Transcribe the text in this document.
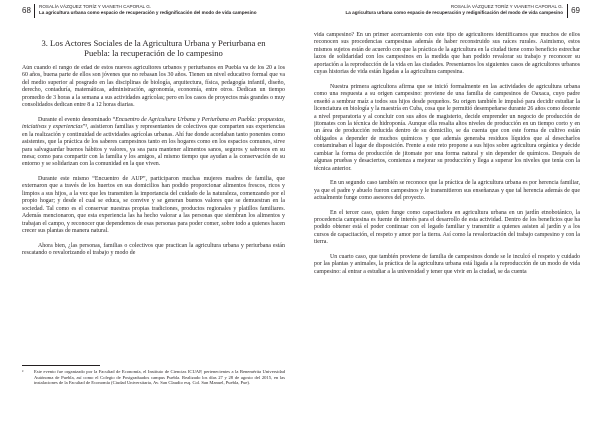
68 ROSALÍA VÁZQUEZ TORÍZ Y VIANETH CAPORAL G.
La agricultura urbana como espacio de recuperación y redignificación del modo de vida campesino
3. Los Actores Sociales de la Agricultura Urbana y Periurbana en
Puebla: la recuperación de lo campesino

Aún cuando el rango de edad de estos nuevos agricultores urbanos y periurbanos en Puebla va de los 20 a los 60 años, buena parte de ellos son jóvenes que no rebasan los 30 años. Tienen un nivel educativo formal que va del medio superior al posgrado en las disciplinas de biología, arquitectura, física, pedagogía infantil, diseño, derecho, contaduría, matemáticas, administración, agronomía, economía, entre otros. Dedican un tiempo promedio de 3 horas a la semana a sus actividades agrícolas; pero en los casos de proyectos más grandes o muy consolidados dedican entre 8 a 12 horas diarias.

Durante el evento denominado “Encuentro de Agricultura Urbana y Periurbana en Puebla: propuestas, iniciativas y experiencias”³, asistieron familias y representantes de colectivos que comparten sus experiencias en la realización y continuidad de actividades agrícolas urbanas. Ahí fue donde acordaban tanto ponentes como asistentes, que la práctica de los saberes campesinos tanto en los hogares como en los espacios comunes, sirve para salvaguardar buenos hábitos y valores, ya sea para mantener alimentos sanos, seguros y sabrosos en su mesa; como para compartir con la familia y los amigos, al mismo tiempo que ayudan a la conservación de su entorno y se solidarizan con la comunidad en la que viven.

Durante este mismo “Encuentro de AUP”, participaron muchas mujeres madres de familia, que externaron que a través de los huertos en sus domicilios han podido proporcionar alimentos frescos, ricos y limpios a sus hijos, a la vez que les transmiten la importancia del cuidado de la naturaleza, comenzando por el propio hogar; y desde el cual se educa, se convive y se generan buenos valores que se demuestran en la sociedad. Tal como es el conservar nuestras propias tradiciones, productos regionales y platillos familiares. Además mencionaron, que esta experiencia las ha hecho valorar a las personas que siembran los alimentos y trabajan el campo, y reconocer que dependemos de esas personas para poder comer, sobre todo a quienes hacen crecer sus plantas de manera natural.

Ahora bien, ¿las personas, familias o colectivos que practican la agricultura urbana y periurbana están rescatando o revalorizando el trabajo y modo de

³	Este evento fue organizado por la Facultad de Economía, el Instituto de Ciencias ICUAP, pertenecientes a la Benemérita Universidad Autónoma de Puebla, así como el Colegio de Postgraduados campus Puebla. Realizado los días 27 y 28 de agosto del 2015, en las instalaciones de la Facultad de Economía (Ciudad Universitaria, Av. San Claudio esq. Col. San Manuel, Puebla, Pue).
ROSALÍA VÁZQUEZ TORÍZ Y VIANETH CAPORAL G.
La agricultura urbana como espacio de recuperación y redignificación del modo de vida campesino 69

vida campesino? En un primer acercamiento con este tipo de agricultores identificamos que muchos de ellos reconocen sus procedencias campesinas además de haber reconstruido sus raíces rurales. Asimismo, estos mismos sujetos están de acuerdo con que la práctica de la agricultura en la ciudad tiene como beneficio estrechar lazos de solidaridad con los campesinos en la medida que han podido revalorar su trabajo y reconocer su aportación a la reproducción de la vida en las ciudades. Presentamos los siguientes casos de agricultores urbanos cuyas historias de vida están ligadas a la agricultura campesina.

Nuestra primera agricultora afirma que se inició formalmente en las actividades de agricultura urbana como una respuesta a su origen campesino: proviene de una familia de campesinos de Oaxaca, cuyo padre enseñó a sembrar maíz a todos sus hijos desde pequeños. Su origen también le impulsó para decidir estudiar la licenciatura en biología y la maestría en Cuba, cosa que le permitió desempeñarse durante 26 años como docente a nivel preparatoria y al concluir con sus años de magisterio, decide emprender un negocio de producción de jitomates con la técnica de hidroponía. Aunque ella resalta altos niveles de producción en un tiempo corto y en un área de producción reducida dentro de su domicilio, se da cuenta que con este forma de cultivo están obligados a depender de muchos químicos y que además generaba residuos líquidos que al desecharlos contaminaban el lugar de disposición. Frente a este reto propone a sus hijos sobre agricultura orgánica y decide cambiar la forma de producción de jitomate por una forma natural y sin depender de químicos. Después de algunas pruebas y desaciertos, comienza a mejorar su producción y llega a superar los niveles que tenía con la técnica anterior.

En un segundo caso también se reconoce que la práctica de la agricultura urbana es por herencia familiar, ya que el padre y abuelo fueron campesinos y le transmitieron sus enseñanzas y que tal herencia además de que actualmente funge como asesores del proyecto.

En el tercer caso, quien funge como capacitadora en agricultura urbana en un jardín etnobotánico, la procedencia campesina es fuente de interés para el desarrollo de esta actividad. Dentro de los beneficios que ha podido obtener está el poder continuar con el legado familiar y transmitir a quienes asisten al jardín y a los cursos de capacitación, el respeto y amor por la tierra. Así como la revalorización del trabajo campesino y con la tierra.

Un cuarto caso, que también proviene de familia de campesinos donde se le inculcó el respeto y cuidado por las plantas y animales, la práctica de la agricultura urbana está ligada a la reproducción de un modo de vida campesino: al entrar a estudiar a la universidad y tener que vivir en la ciudad, se da cuenta
